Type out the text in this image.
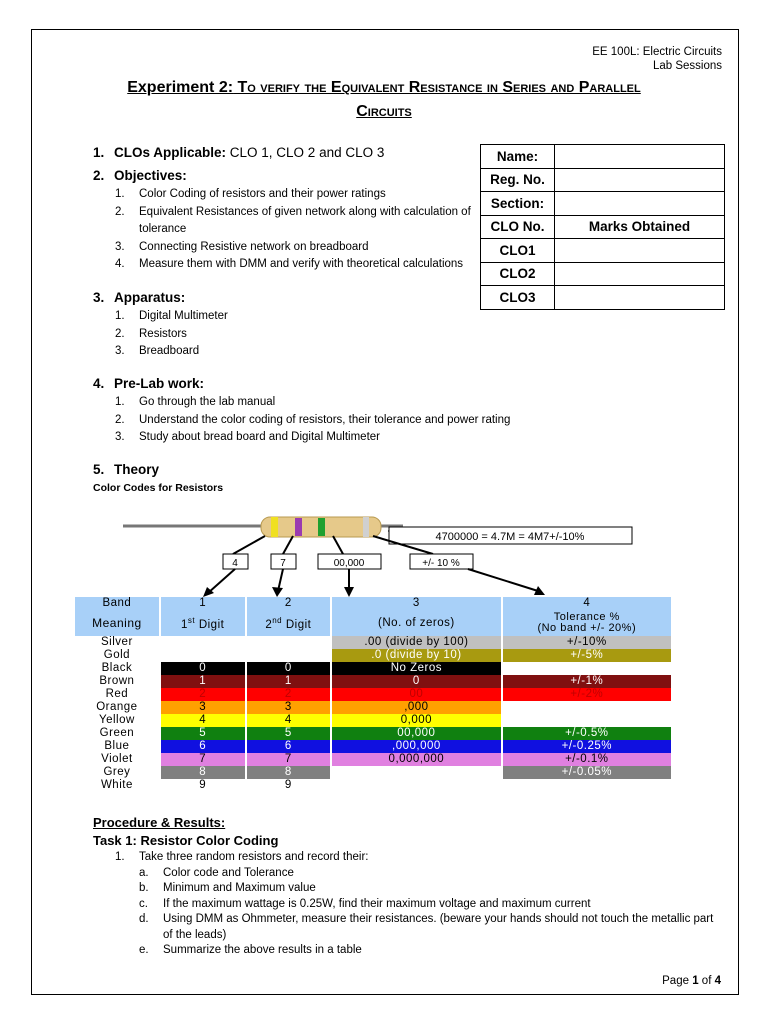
EE 100L: Electric Circuits
Lab Sessions
Experiment 2: To verify the Equivalent Resistance in Series and Parallel
Circuits
1. CLOs Applicable: CLO 1, CLO 2 and CLO 3
2. Objectives:
1.	Color Coding of resistors and their power ratings
2.	Equivalent Resistances of given network along with calculation of tolerance
3.	Connecting Resistive network on breadboard
4.	Measure them with DMM and verify with theoretical calculations
3. Apparatus:
1.	Digital Multimeter
2.	Resistors
3.	Breadboard
4. Pre-Lab work:
1.	Go through the lab manual
2.	Understand the color coding of resistors, their tolerance and power rating
3.	Study about bread board and Digital Multimeter
5. Theory
Color Codes for Resistors
Name:	
Reg. No.	
Section:	
CLO No.	Marks Obtained
CLO1	
CLO2	
CLO3	
4700000 = 4.7M = 4M7+/-10%
4	7	00,000	+/- 10 %
Band	1	2	3	4
Meaning	1st Digit	2nd Digit	(No. of zeros)	Tolerance %
(No band +/- 20%)

Silver			.00 (divide by 100)	+/-10%
Gold			.0 (divide by 10)	+/-5%
Black	0	0	No Zeros	
Brown	1	1	0	+/-1%
Red	2	2	00	+/-2%
Orange	3	3	,000	
Yellow	4	4	0,000	
Green	5	5	00,000	+/-0.5%
Blue	6	6	,000,000	+/-0.25%
Violet	7	7	0,000,000	+/-0.1%
Grey	8	8		+/-0.05%
White	9	9		
Procedure & Results:
Task 1: Resistor Color Coding
1.	Take three random resistors and record their:
a.	Color code and Tolerance
b.	Minimum and Maximum value
c.	If the maximum wattage is 0.25W, find their maximum voltage and maximum current
d.	Using DMM as Ohmmeter, measure their resistances. (beware your hands should not touch the metallic part of the leads)
e.	Summarize the above results in a table
Page 1 of 4
